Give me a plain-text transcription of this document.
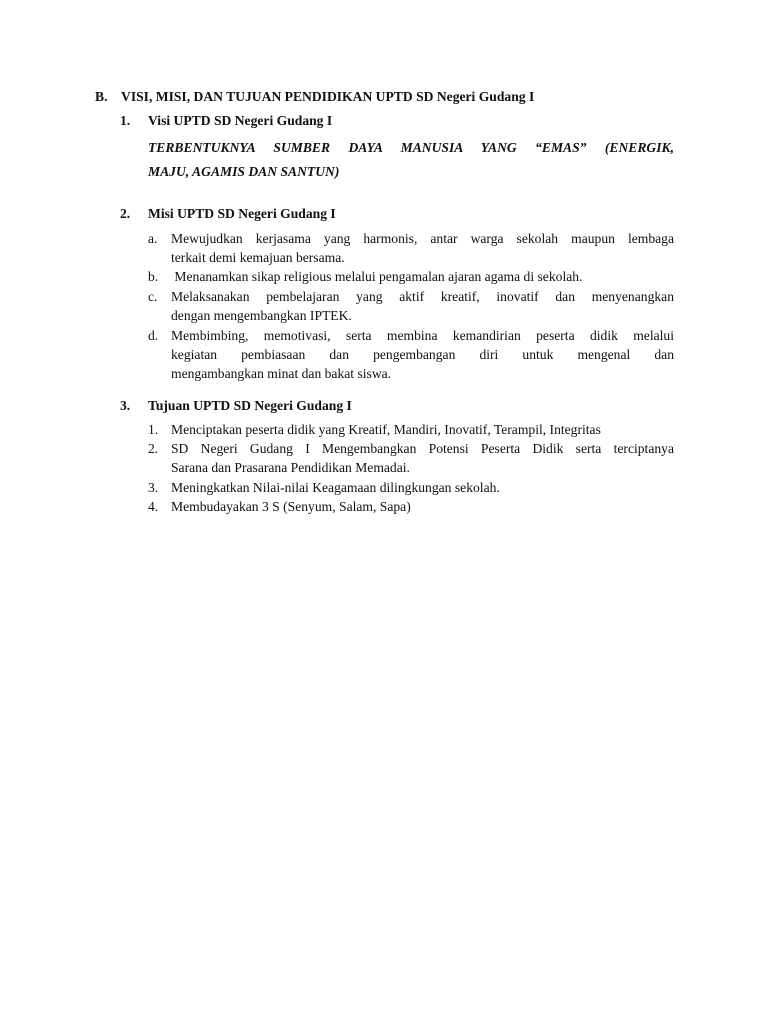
B. VISI, MISI, DAN TUJUAN PENDIDIKAN UPTD SD Negeri Gudang I
1. Visi UPTD SD Negeri Gudang I
TERBENTUKNYA SUMBER DAYA MANUSIA YANG “EMAS” (ENERGIK,
MAJU, AGAMIS DAN SANTUN)
2. Misi UPTD SD Negeri Gudang I
a. Mewujudkan kerjasama yang harmonis, antar warga sekolah maupun lembaga
terkait demi kemajuan bersama.
b. Menanamkan sikap religious melalui pengamalan ajaran agama di sekolah.
c. Melaksanakan pembelajaran yang aktif kreatif, inovatif dan menyenangkan
dengan mengembangkan IPTEK.
d. Membimbing, memotivasi, serta membina kemandirian peserta didik melalui
kegiatan pembiasaan dan pengembangan diri untuk mengenal dan
mengambangkan minat dan bakat siswa.
3. Tujuan UPTD SD Negeri Gudang I
1. Menciptakan peserta didik yang Kreatif, Mandiri, Inovatif, Terampil, Integritas
2. SD Negeri Gudang I Mengembangkan Potensi Peserta Didik serta terciptanya
Sarana dan Prasarana Pendidikan Memadai.
3. Meningkatkan Nilai-nilai Keagamaan dilingkungan sekolah.
4. Membudayakan 3 S (Senyum, Salam, Sapa)
